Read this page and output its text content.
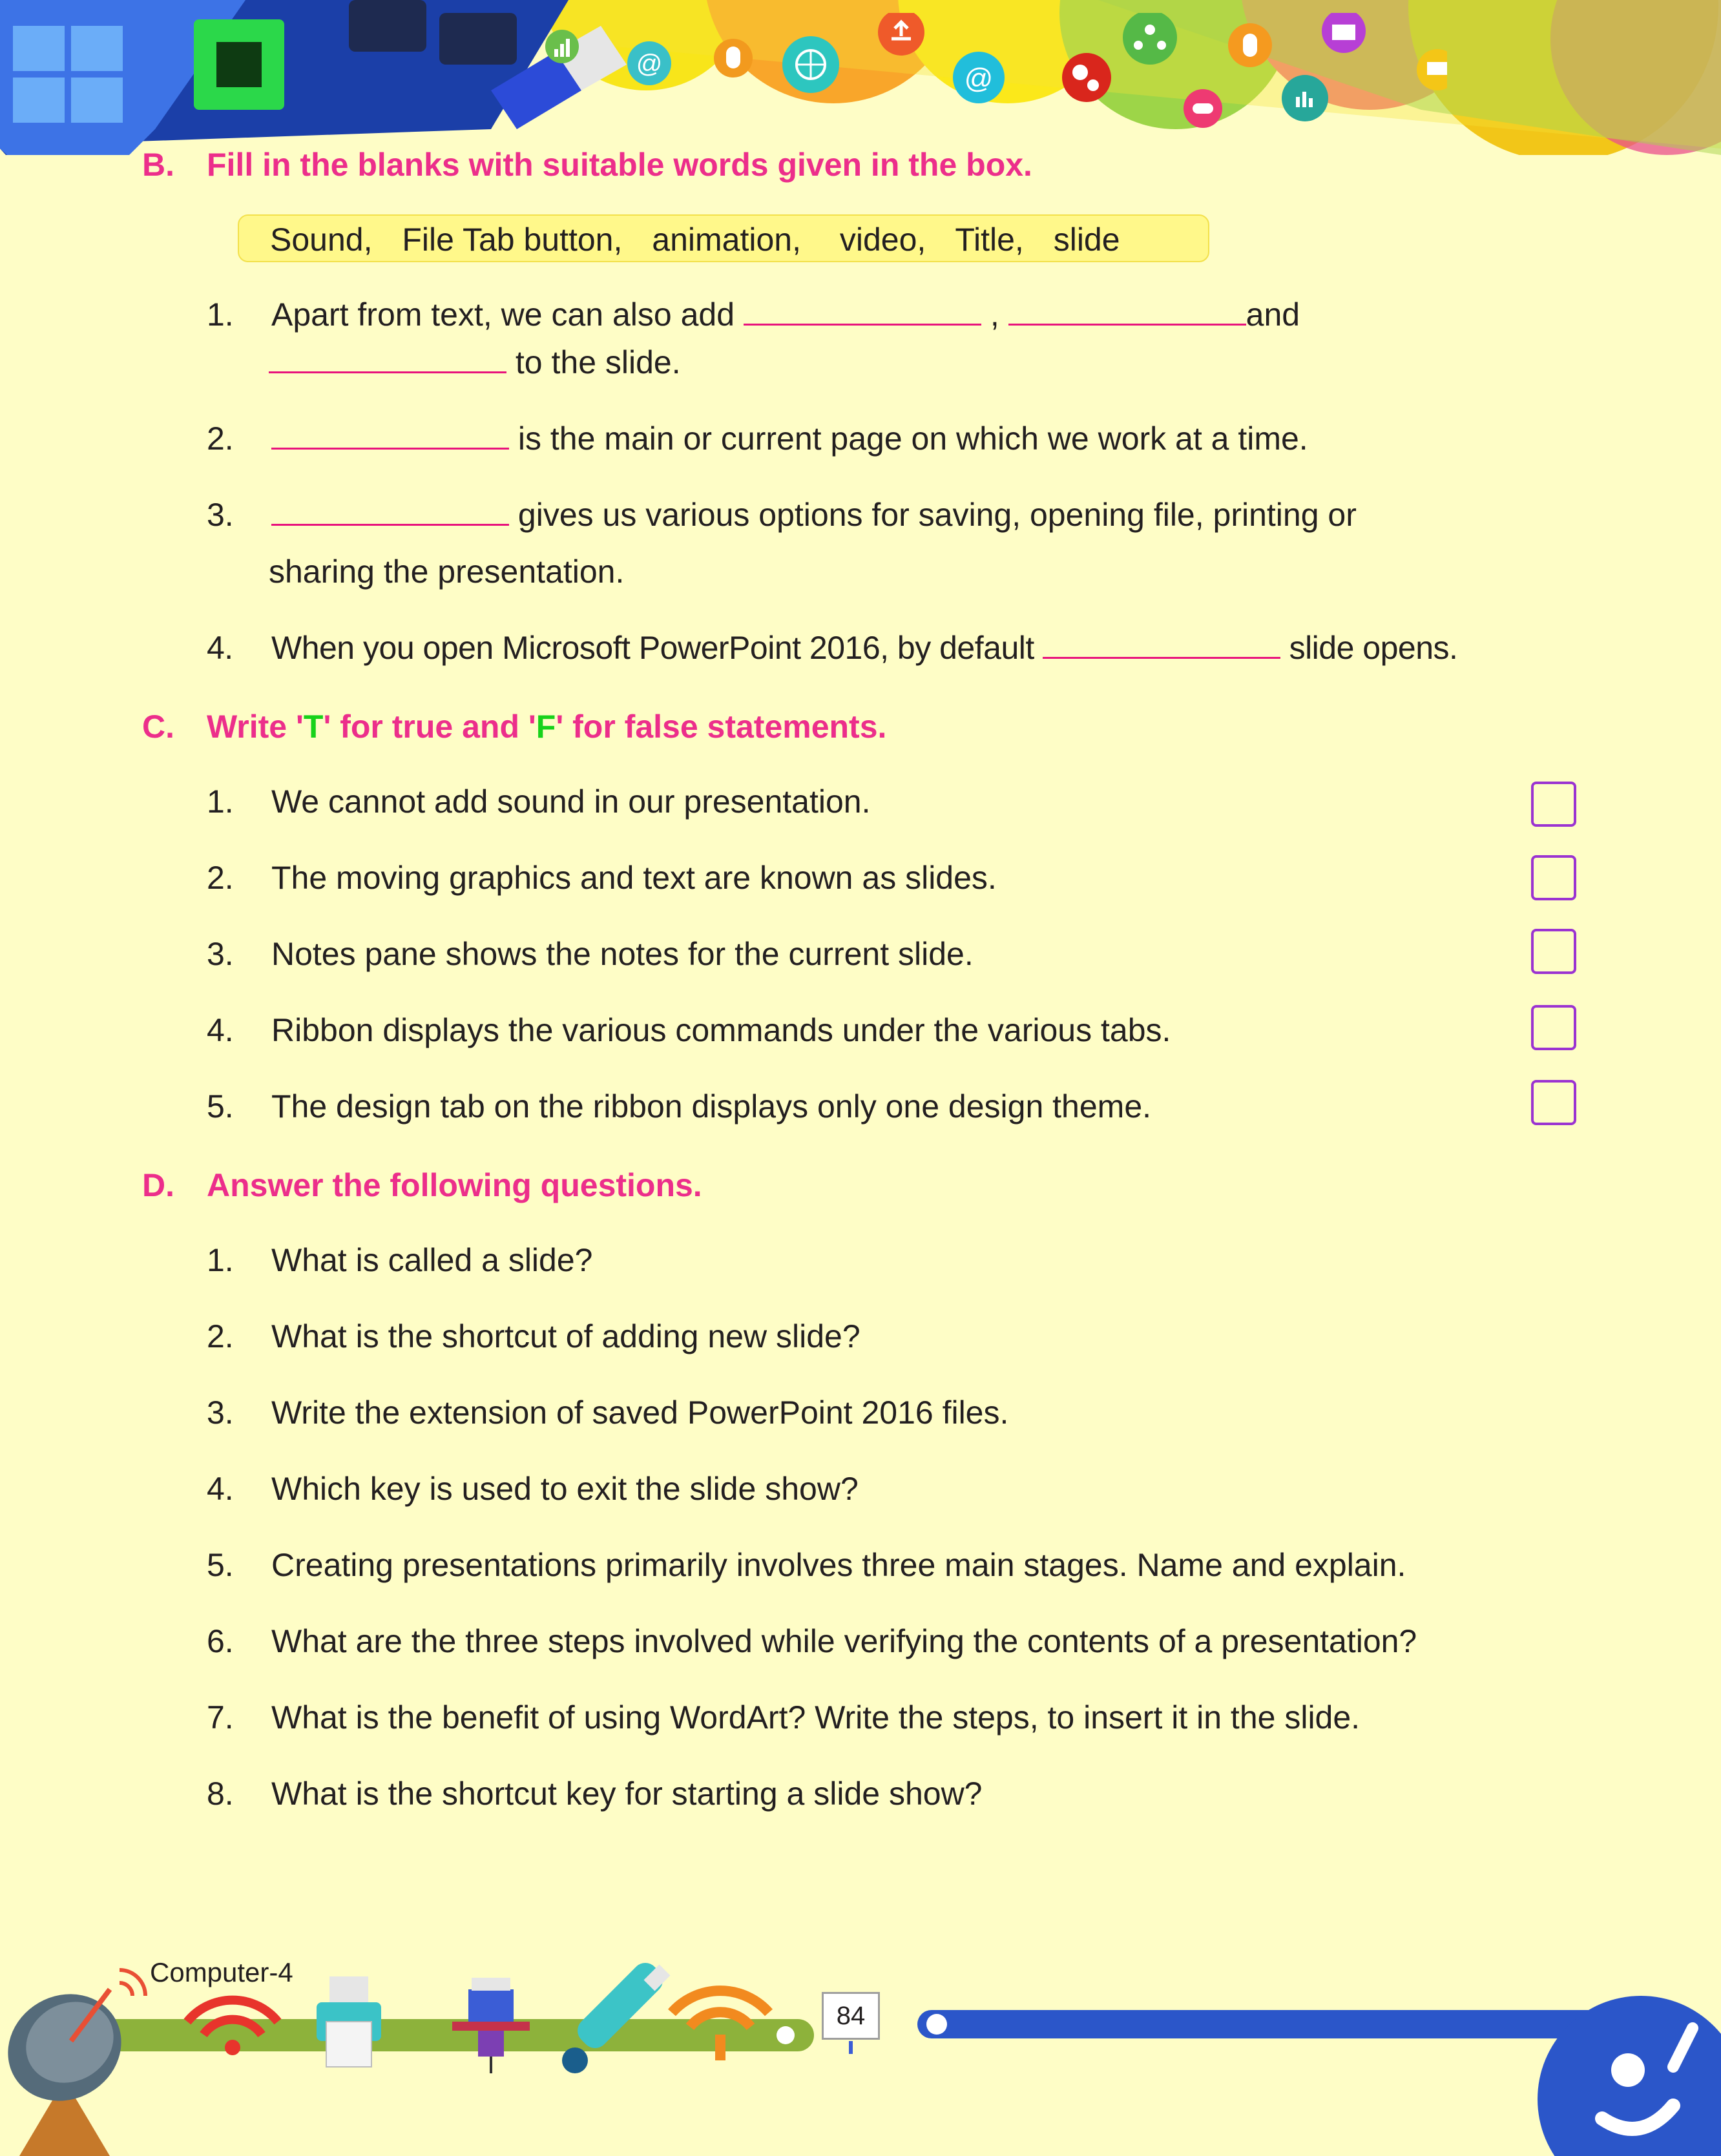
@	@
B. Fill in the blanks with suitable words given in the box.
Sound, File Tab button, animation, video, Title, slide
1. Apart from text, we can also add	,	and
to the slide.
2.	is the main or current page on which we work at a time.
3.	gives us various options for saving, opening file, printing or
sharing the presentation.
4. When you open Microsoft PowerPoint 2016, by default	slide opens.
C. Write 'T' for true and 'F' for false statements.
1. We cannot add sound in our presentation.
2. The moving graphics and text are known as slides.
3. Notes pane shows the notes for the current slide.
4. Ribbon displays the various commands under the various tabs.
5. The design tab on the ribbon displays only one design theme.
D. Answer the following questions.
1. What is called a slide?
2. What is the shortcut of adding new slide?
3. Write the extension of saved PowerPoint 2016 files.
4. Which key is used to exit the slide show?
5. Creating presentations primarily involves three main stages. Name and explain.
6. What are the three steps involved while verifying the contents of a presentation?
7. What is the benefit of using WordArt? Write the steps, to insert it in the slide.
8. What is the shortcut key for starting a slide show?
Computer-4
84
